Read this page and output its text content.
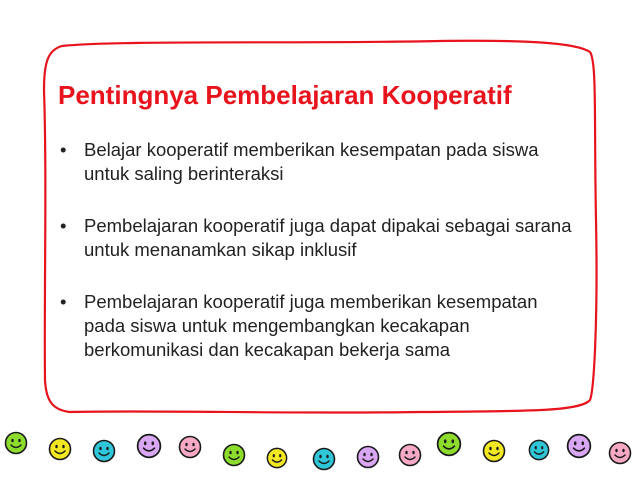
Pentingnya Pembelajaran Kooperatif
• Belajar kooperatif memberikan kesempatan pada siswa untuk saling berinteraksi
• Pembelajaran kooperatif juga dapat dipakai sebagai sarana untuk menanamkan sikap inklusif
• Pembelajaran kooperatif juga memberikan kesempatan pada siswa untuk mengembangkan kecakapan berkomunikasi dan kecakapan bekerja sama
